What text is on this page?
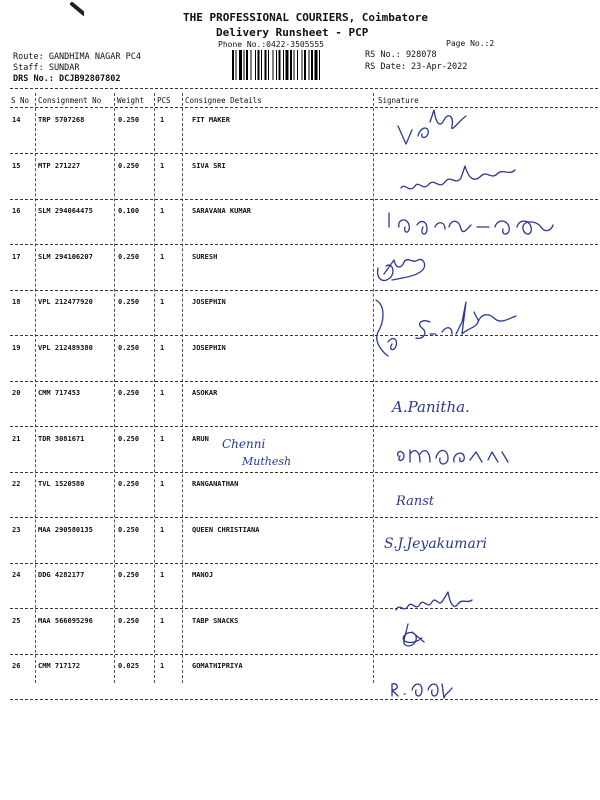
THE PROFESSIONAL COURIERS, Coimbatore
Delivery Runsheet - PCP
Phone No.:0422-3505555	Page No.:2
Route: GANDHIMA NAGAR PC4
Staff: SUNDAR
DRS No.: DCJB92807802
RS No.: 928078
RS Date: 23-Apr-2022
S No Consignment No Weight PCS Consignee Details	Signature
14	TRP 5707268	0.250	1	FIT MAKER
15	MTP 271227	0.250	1	SIVA SRI
16	SLM 294064475	0.100	1	SARAVANA KUMAR
17	SLM 294106207	0.250	1	SURESH
18	VPL 212477920	0.250	1	JOSEPHIN
19	VPL 212489380	0.250	1	JOSEPHIN
20	CMM 717453	0.250	1	ASOKAR
21	TDR 3081671	0.250	1	ARUN
22	TVL 1520580	0.250	1	RANGANATHAN
23	MAA 290580135	0.250	1	QUEEN CHRISTIANA
24	DDG 4282177	0.250	1	MANOJ
25	MAA 566095296	0.250	1	TABP SNACKS
26	CMM 717172	0.025	1	GOMATHIPRIYA
Chenni
Muthesh
A.Panitha.
Ranst
S.J.Jeyakumari
